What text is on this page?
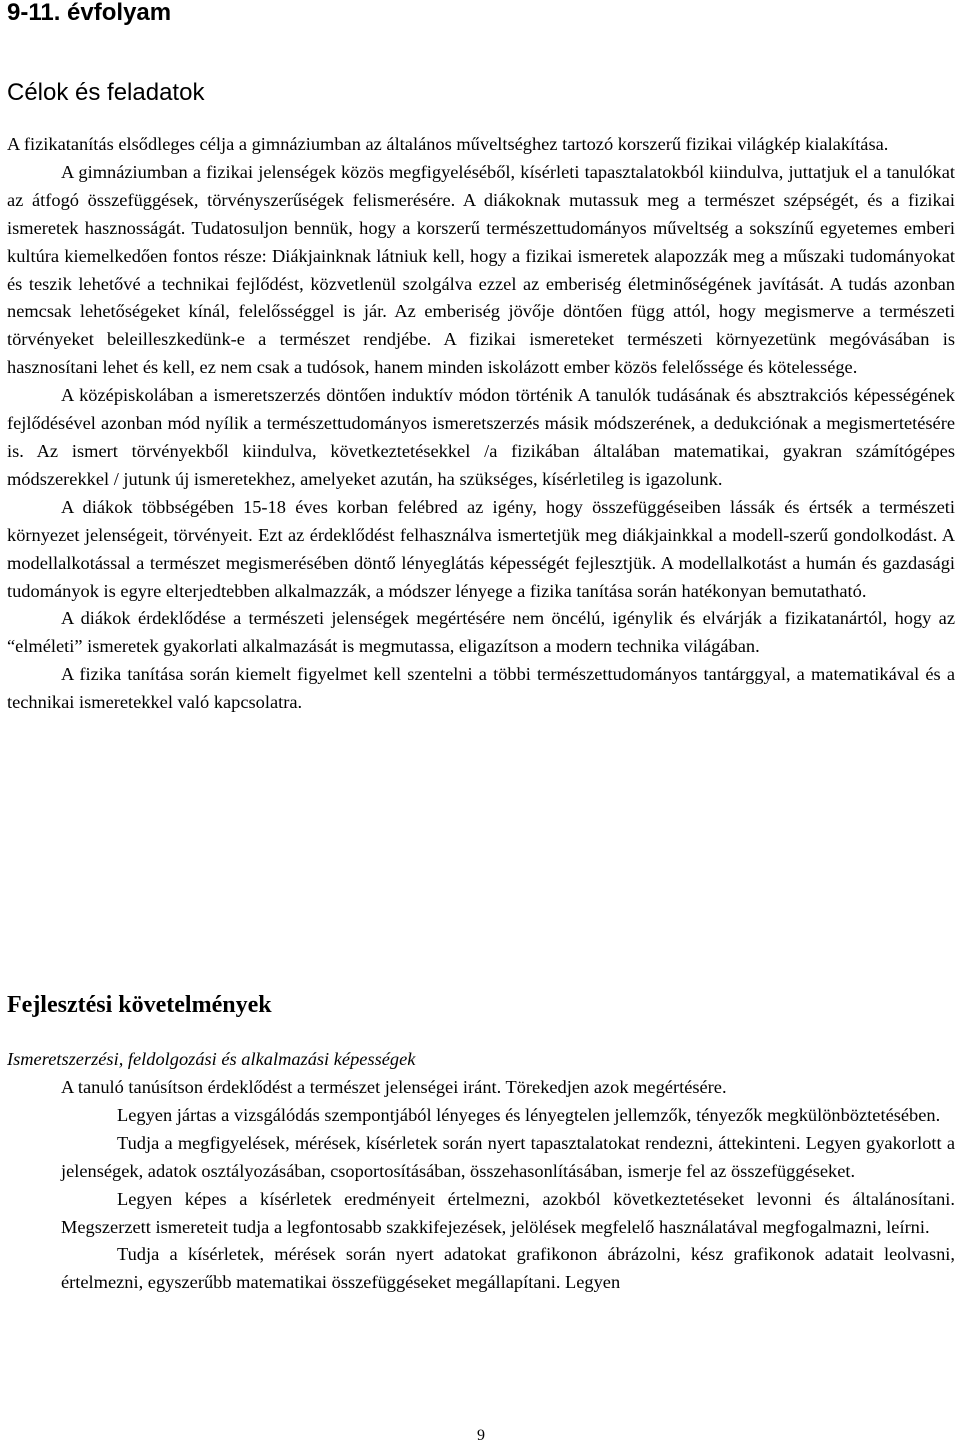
9-11. évfolyam
Célok és feladatok

A fizikatanítás elsődleges célja a gimnáziumban az általános műveltséghez tartozó korszerű fizikai világkép kialakítása.

A gimnáziumban a fizikai jelenségek közös megfigyeléséből, kísérleti tapasztalatokból kiindulva, juttatjuk el a tanulókat az átfogó összefüggések, törvényszerűségek felismerésére. A diákoknak mutassuk meg a természet szépségét, és a fizikai ismeretek hasznosságát. Tudatosuljon bennük, hogy a korszerű természettudományos műveltség a sokszínű egyetemes emberi kultúra kiemelkedően fontos része: Diákjainknak látniuk kell, hogy a fizikai ismeretek alapozzák meg a műszaki tudományokat és teszik lehetővé a technikai fejlődést, közvetlenül szolgálva ezzel az emberiség életminőségének javítását. A tudás azonban nemcsak lehetőségeket kínál, felelősséggel is jár. Az emberiség jövője döntően függ attól, hogy megismerve a természeti törvényeket beleilleszkedünk-e a természet rendjébe. A fizikai ismereteket természeti környezetünk megóvásában is hasznosítani lehet és kell, ez nem csak a tudósok, hanem minden iskolázott ember közös felelőssége és kötelessége.

A középiskolában a ismeretszerzés döntően induktív módon történik A tanulók tudásának és absztrakciós képességének fejlődésével azonban mód nyílik a természettudományos ismeretszerzés másik módszerének, a dedukciónak a megismertetésére is. Az ismert törvényekből kiindulva, következtetésekkel /a fizikában általában matematikai, gyakran számítógépes módszerekkel / jutunk új ismeretekhez, amelyeket azután, ha szükséges, kísérletileg is igazolunk.

A diákok többségében 15-18 éves korban felébred az igény, hogy összefüggéseiben lássák és értsék a természeti környezet jelenségeit, törvényeit. Ezt az érdeklődést felhasználva ismertetjük meg diákjainkkal a modell-szerű gondolkodást. A modellalkotással a természet megismerésében döntő lényeglátás képességét fejlesztjük. A modellalkotást a humán és gazdasági tudományok is egyre elterjedtebben alkalmazzák, a módszer lényege a fizika tanítása során hatékonyan bemutatható.

A diákok érdeklődése a természeti jelenségek megértésére nem öncélú, igénylik és elvárják a fizikatanártól, hogy az “elméleti” ismeretek gyakorlati alkalmazását is megmutassa, eligazítson a modern technika világában.

A fizika tanítása során kiemelt figyelmet kell szentelni a többi természettudományos tantárggyal, a matematikával és a technikai ismeretekkel való kapcsolatra.

Fejlesztési követelmények
Ismeretszerzési, feldolgozási és alkalmazási képességek

A tanuló tanúsítson érdeklődést a természet jelenségei iránt. Törekedjen azok megértésére.

Legyen jártas a vizsgálódás szempontjából lényeges és lényegtelen jellemzők, tényezők megkülönböztetésében.

Tudja a megfigyelések, mérések, kísérletek során nyert tapasztalatokat rendezni, áttekinteni. Legyen gyakorlott a jelenségek, adatok osztályozásában, csoportosításában, összehasonlításában, ismerje fel az összefüggéseket.

Legyen képes a kísérletek eredményeit értelmezni, azokból következtetéseket levonni és általánosítani. Megszerzett ismereteit tudja a legfontosabb szakkifejezések, jelölések megfelelő használatával megfogalmazni, leírni.

Tudja a kísérletek, mérések során nyert adatokat grafikonon ábrázolni, kész grafikonok adatait leolvasni, értelmezni, egyszerűbb matematikai összefüggéseket megállapítani. Legyen

9
